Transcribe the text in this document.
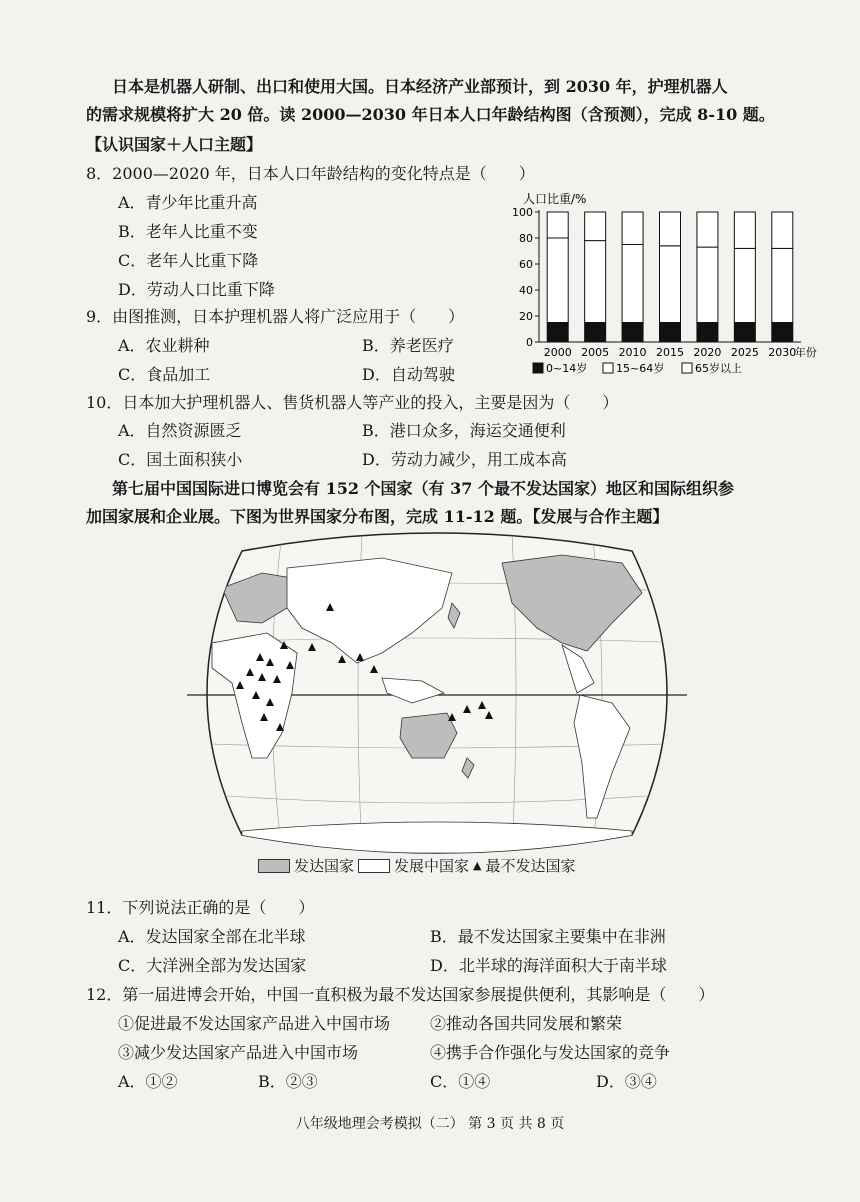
日本是机器人研制、出口和使用大国。日本经济产业部预计，到 2030 年，护理机器人
的需求规模将扩大 20 倍。读 2000—2030 年日本人口年龄结构图（含预测），完成 8-10 题。
【认识国家＋人口主题】
8．2000—2020 年，日本人口年龄结构的变化特点是（　　）
A．青少年比重升高
B．老年人比重不变
C．老年人比重下降
D．劳动人口比重下降
9．由图推测，日本护理机器人将广泛应用于（　　）
A．农业耕种	B．养老医疗
C．食品加工	D．自动驾驶
人口比重/%
0
20
40
60
80
100
2000 2005 2010 2015 2020 2025 2030
年份
0~14岁	15~64岁	65岁以上
10．日本加大护理机器人、售货机器人等产业的投入，主要是因为（　　）
A．自然资源匮乏	B．港口众多，海运交通便利
C．国土面积狭小	D．劳动力减少，用工成本高
第七届中国国际进口博览会有 152 个国家（有 37 个最不发达国家）地区和国际组织参
加国家展和企业展。下图为世界国家分布图，完成 11-12 题。【发展与合作主题】
发达国家	发展中国家 ▲ 最不发达国家
11．下列说法正确的是（　　）
A．发达国家全部在北半球	B．最不发达国家主要集中在非洲
C．大洋洲全部为发达国家	D．北半球的海洋面积大于南半球
12．第一届进博会开始，中国一直积极为最不发达国家参展提供便利，其影响是（　　）
①促进最不发达国家产品进入中国市场 ②推动各国共同发展和繁荣
③减少发达国家产品进入中国市场	④携手合作强化与发达国家的竞争
A．①②	B．②③	C．①④	D．③④
八年级地理会考模拟（二） 第 3 页 共 8 页
